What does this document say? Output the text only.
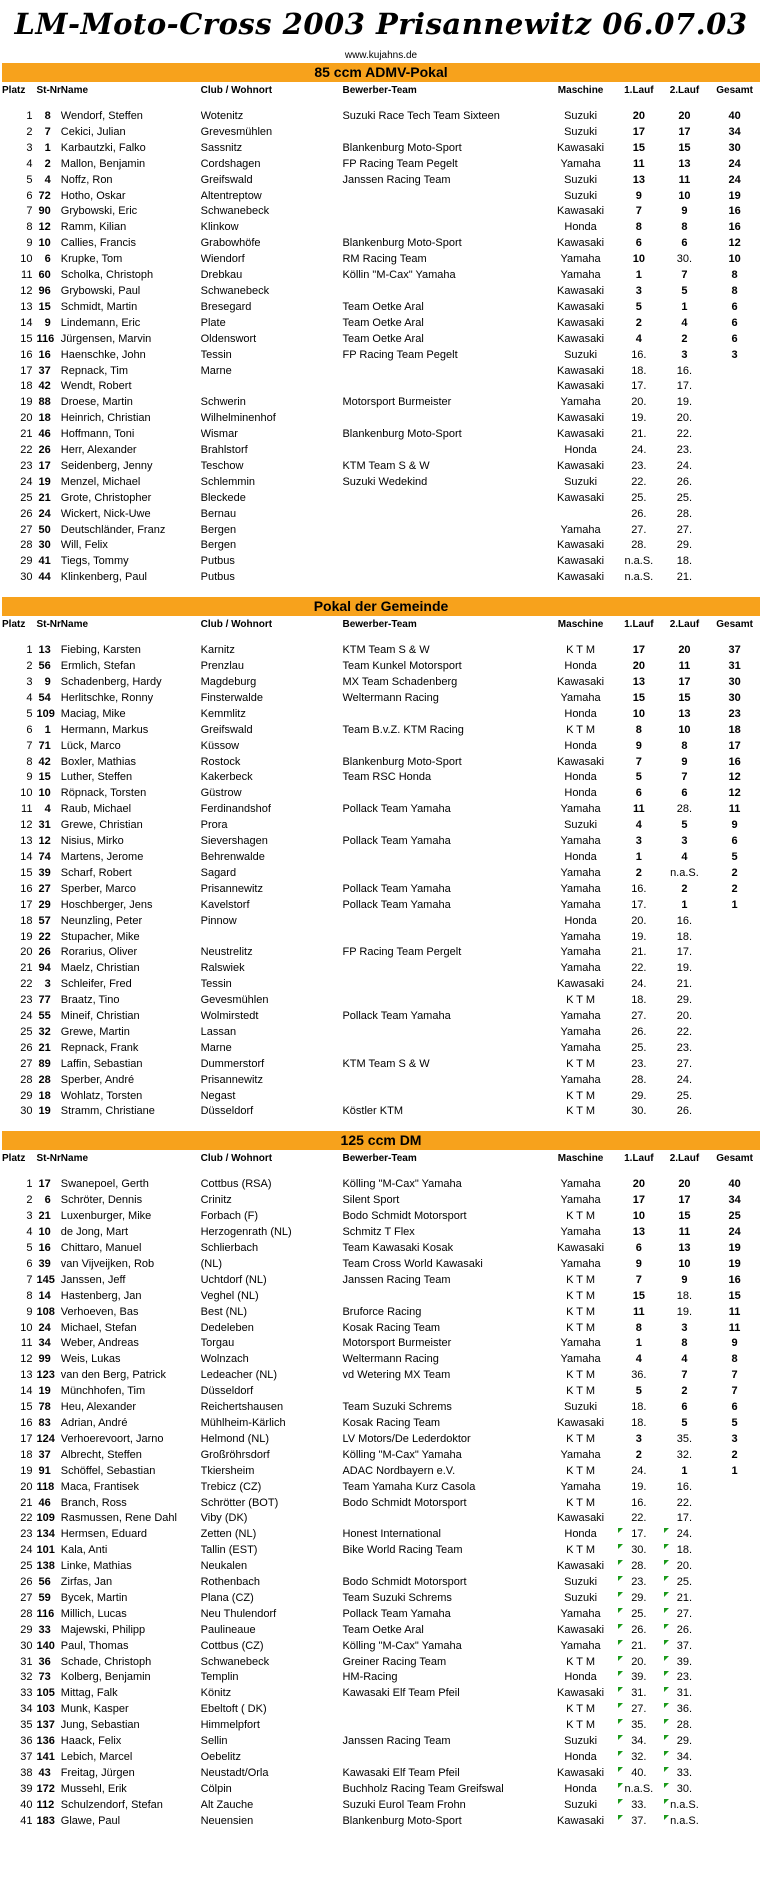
LM-Moto-Cross 2003 Prisannewitz 06.07.03
www.kujahns.de
85 ccm ADMV-Pokal
Platz	St-Nr	Name	Club / Wohnort	Bewerber-Team	Maschine	1.Lauf	2.Lauf	Gesamt

1	8	Wendorf, Steffen	Wotenitz	Suzuki Race Tech Team Sixteen	Suzuki	20	20	40
2	7	Cekici, Julian	Grevesmühlen		Suzuki	17	17	34
3	1	Karbautzki, Falko	Sassnitz	Blankenburg Moto-Sport	Kawasaki	15	15	30
4	2	Mallon, Benjamin	Cordshagen	FP Racing Team Pegelt	Yamaha	11	13	24
5	4	Noffz, Ron	Greifswald	Janssen Racing Team	Suzuki	13	11	24
6	72	Hotho, Oskar	Altentreptow		Suzuki	9	10	19
7	90	Grybowski, Eric	Schwanebeck		Kawasaki	7	9	16
8	12	Ramm, Kilian	Klinkow		Honda	8	8	16
9	10	Callies, Francis	Grabowhöfe	Blankenburg Moto-Sport	Kawasaki	6	6	12
10	6	Krupke, Tom	Wiendorf	RM Racing Team	Yamaha	10	30.	10
11	60	Scholka, Christoph	Drebkau	Köllin "M-Cax" Yamaha	Yamaha	1	7	8
12	96	Grybowski, Paul	Schwanebeck		Kawasaki	3	5	8
13	15	Schmidt, Martin	Bresegard	Team Oetke Aral	Kawasaki	5	1	6
14	9	Lindemann, Eric	Plate	Team Oetke Aral	Kawasaki	2	4	6
15	116	Jürgensen, Marvin	Oldenswort	Team Oetke Aral	Kawasaki	4	2	6
16	16	Haenschke, John	Tessin	FP Racing Team Pegelt	Suzuki	16.	3	3
17	37	Repnack, Tim	Marne		Kawasaki	18.	16.	
18	42	Wendt, Robert			Kawasaki	17.	17.	
19	88	Droese, Martin	Schwerin	Motorsport Burmeister	Yamaha	20.	19.	
20	18	Heinrich, Christian	Wilhelminenhof		Kawasaki	19.	20.	
21	46	Hoffmann, Toni	Wismar	Blankenburg Moto-Sport	Kawasaki	21.	22.	
22	26	Herr, Alexander	Brahlstorf		Honda	24.	23.	
23	17	Seidenberg, Jenny	Teschow	KTM Team S & W	Kawasaki	23.	24.	
24	19	Menzel, Michael	Schlemmin	Suzuki Wedekind	Suzuki	22.	26.	
25	21	Grote, Christopher	Bleckede		Kawasaki	25.	25.	
26	24	Wickert, Nick-Uwe	Bernau			26.	28.	
27	50	Deutschländer, Franz	Bergen		Yamaha	27.	27.	
28	30	Will, Felix	Bergen		Kawasaki	28.	29.	
29	41	Tiegs, Tommy	Putbus		Kawasaki	n.a.S.	18.	
30	44	Klinkenberg, Paul	Putbus		Kawasaki	n.a.S.	21.	
Pokal der Gemeinde
Platz	St-Nr	Name	Club / Wohnort	Bewerber-Team	Maschine	1.Lauf	2.Lauf	Gesamt

1	13	Fiebing, Karsten	Karnitz	KTM Team S & W	K T M	17	20	37
2	56	Ermlich, Stefan	Prenzlau	Team Kunkel Motorsport	Honda	20	11	31
3	9	Schadenberg, Hardy	Magdeburg	MX Team Schadenberg	Kawasaki	13	17	30
4	54	Herlitschke, Ronny	Finsterwalde	Weltermann Racing	Yamaha	15	15	30
5	109	Maciag, Mike	Kemmlitz		Honda	10	13	23
6	1	Hermann, Markus	Greifswald	Team B.v.Z. KTM Racing	K T M	8	10	18
7	71	Lück, Marco	Küssow		Honda	9	8	17
8	42	Boxler, Mathias	Rostock	Blankenburg Moto-Sport	Kawasaki	7	9	16
9	15	Luther, Steffen	Kakerbeck	Team RSC Honda	Honda	5	7	12
10	10	Röpnack, Torsten	Güstrow		Honda	6	6	12
11	4	Raub, Michael	Ferdinandshof	Pollack Team Yamaha	Yamaha	11	28.	11
12	31	Grewe, Christian	Prora		Suzuki	4	5	9
13	12	Nisius, Mirko	Sievershagen	Pollack Team Yamaha	Yamaha	3	3	6
14	74	Martens, Jerome	Behrenwalde		Honda	1	4	5
15	39	Scharf, Robert	Sagard		Yamaha	2	n.a.S.	2
16	27	Sperber, Marco	Prisannewitz	Pollack Team Yamaha	Yamaha	16.	2	2
17	29	Hoschberger, Jens	Kavelstorf	Pollack Team Yamaha	Yamaha	17.	1	1
18	57	Neunzling, Peter	Pinnow		Honda	20.	16.	
19	22	Stupacher, Mike			Yamaha	19.	18.	
20	26	Rorarius, Oliver	Neustrelitz	FP Racing Team Pergelt	Yamaha	21.	17.	
21	94	Maelz, Christian	Ralswiek		Yamaha	22.	19.	
22	3	Schleifer, Fred	Tessin		Kawasaki	24.	21.	
23	77	Braatz, Tino	Gevesmühlen		K T M	18.	29.	
24	55	Mineif, Christian	Wolmirstedt	Pollack Team Yamaha	Yamaha	27.	20.	
25	32	Grewe, Martin	Lassan		Yamaha	26.	22.	
26	21	Repnack, Frank	Marne		Yamaha	25.	23.	
27	89	Laffin, Sebastian	Dummerstorf	KTM Team S & W	K T M	23.	27.	
28	28	Sperber, André	Prisannewitz		Yamaha	28.	24.	
29	18	Wohlatz, Torsten	Negast		K T M	29.	25.	
30	19	Stramm, Christiane	Düsseldorf	Köstler KTM	K T M	30.	26.	
125 ccm DM
Platz	St-Nr	Name	Club / Wohnort	Bewerber-Team	Maschine	1.Lauf	2.Lauf	Gesamt

1	17	Swanepoel, Gerth	Cottbus (RSA)	Kölling "M-Cax" Yamaha	Yamaha	20	20	40
2	6	Schröter, Dennis	Crinitz	Silent Sport	Yamaha	17	17	34
3	21	Luxenburger, Mike	Forbach (F)	Bodo Schmidt Motorsport	K T M	10	15	25
4	10	de Jong, Mart	Herzogenrath (NL)	Schmitz T Flex	Yamaha	13	11	24
5	16	Chittaro, Manuel	Schlierbach	Team Kawasaki Kosak	Kawasaki	6	13	19
6	39	van Vijveijken, Rob	(NL)	Team Cross World Kawasaki	Yamaha	9	10	19
7	145	Janssen, Jeff	Uchtdorf (NL)	Janssen Racing Team	K T M	7	9	16
8	14	Hastenberg, Jan	Veghel (NL)		K T M	15	18.	15
9	108	Verhoeven, Bas	Best (NL)	Bruforce Racing	K T M	11	19.	11
10	24	Michael, Stefan	Dedeleben	Kosak Racing Team	K T M	8	3	11
11	34	Weber, Andreas	Torgau	Motorsport Burmeister	Yamaha	1	8	9
12	99	Weis, Lukas	Wolnzach	Weltermann Racing	Yamaha	4	4	8
13	123	van den Berg, Patrick	Ledeacher (NL)	vd Wetering MX Team	K T M	36.	7	7
14	19	Münchhofen, Tim	Düsseldorf		K T M	5	2	7
15	78	Heu, Alexander	Reichertshausen	Team Suzuki Schrems	Suzuki	18.	6	6
16	83	Adrian, André	Mühlheim-Kärlich	Kosak Racing Team	Kawasaki	18.	5	5
17	124	Verhoerevoort, Jarno	Helmond (NL)	LV Motors/De Lederdoktor	K T M	3	35.	3
18	37	Albrecht, Steffen	Großröhrsdorf	Kölling "M-Cax" Yamaha	Yamaha	2	32.	2
19	91	Schöffel, Sebastian	Tkiersheim	ADAC Nordbayern e.V.	K T M	24.	1	1
20	118	Maca, Frantisek	Trebicz (CZ)	Team Yamaha Kurz Casola	Yamaha	19.	16.	
21	46	Branch, Ross	Schrötter (BOT)	Bodo Schmidt Motorsport	K T M	16.	22.	
22	109	Rasmussen, Rene Dahl	Viby (DK)		Kawasaki	22.	17.	
23	134	Hermsen, Eduard	Zetten (NL)	Honest International	Honda	17.	24.	
24	101	Kala, Anti	Tallin (EST)	Bike World Racing Team	K T M	30.	18.	
25	138	Linke, Mathias	Neukalen		Kawasaki	28.	20.	
26	56	Zirfas, Jan	Rothenbach	Bodo Schmidt Motorsport	Suzuki	23.	25.	
27	59	Bycek, Martin	Plana (CZ)	Team Suzuki Schrems	Suzuki	29.	21.	
28	116	Millich, Lucas	Neu Thulendorf	Pollack Team Yamaha	Yamaha	25.	27.	
29	33	Majewski, Philipp	Paulineaue	Team Oetke Aral	Kawasaki	26.	26.	
30	140	Paul, Thomas	Cottbus (CZ)	Kölling "M-Cax" Yamaha	Yamaha	21.	37.	
31	36	Schade, Christoph	Schwanebeck	Greiner Racing Team	K T M	20.	39.	
32	73	Kolberg, Benjamin	Templin	HM-Racing	Honda	39.	23.	
33	105	Mittag, Falk	Könitz	Kawasaki Elf Team Pfeil	Kawasaki	31.	31.	
34	103	Munk, Kasper	Ebeltoft ( DK)		K T M	27.	36.	
35	137	Jung, Sebastian	Himmelpfort		K T M	35.	28.	
36	136	Haack, Felix	Sellin	Janssen Racing Team	Suzuki	34.	29.	
37	141	Lebich, Marcel	Oebelitz		Honda	32.	34.	
38	43	Freitag, Jürgen	Neustadt/Orla	Kawasaki Elf Team Pfeil	Kawasaki	40.	33.	
39	172	Mussehl, Erik	Cölpin	Buchholz Racing Team Greifswal	Honda	n.a.S.	30.	
40	112	Schulzendorf, Stefan	Alt Zauche	Suzuki Eurol Team Frohn	Suzuki	33.	n.a.S.	
41	183	Glawe, Paul	Neuensien	Blankenburg Moto-Sport	Kawasaki	37.	n.a.S.	
